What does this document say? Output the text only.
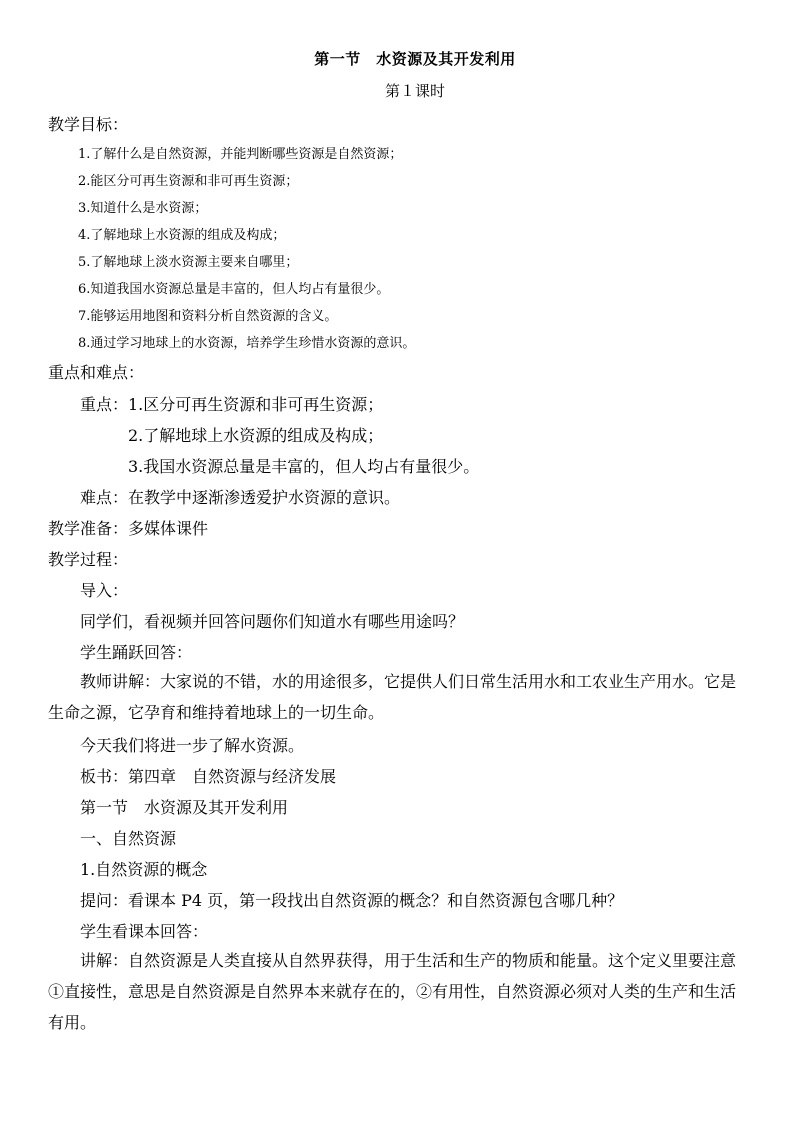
第一节　水资源及其开发利用
第１课时
教学目标：
1.了解什么是自然资源，并能判断哪些资源是自然资源；
2.能区分可再生资源和非可再生资源；
3.知道什么是水资源；
4.了解地球上水资源的组成及构成；
5.了解地球上淡水资源主要来自哪里；
6.知道我国水资源总量是丰富的，但人均占有量很少。
7.能够运用地图和资料分析自然资源的含义。
8.通过学习地球上的水资源，培养学生珍惜水资源的意识。
重点和难点：
重点：1.区分可再生资源和非可再生资源；
2.了解地球上水资源的组成及构成；
3.我国水资源总量是丰富的，但人均占有量很少。
难点：在教学中逐渐渗透爱护水资源的意识。
教学准备：多媒体课件
教学过程：
导入：
同学们，看视频并回答问题你们知道水有哪些用途吗？
学生踊跃回答：
教师讲解：大家说的不错，水的用途很多，它提供人们日常生活用水和工农业生产用水。它是生命之源，它孕育和维持着地球上的一切生命。
今天我们将进一步了解水资源。
板书：第四章　自然资源与经济发展
第一节　水资源及其开发利用
一、自然资源
1.自然资源的概念
提问：看课本 P4 页，第一段找出自然资源的概念？和自然资源包含哪几种？
学生看课本回答：
讲解：自然资源是人类直接从自然界获得，用于生活和生产的物质和能量。这个定义里要注意①直接性，意思是自然资源是自然界本来就存在的，②有用性，自然资源必须对人类的生产和生活有用。
